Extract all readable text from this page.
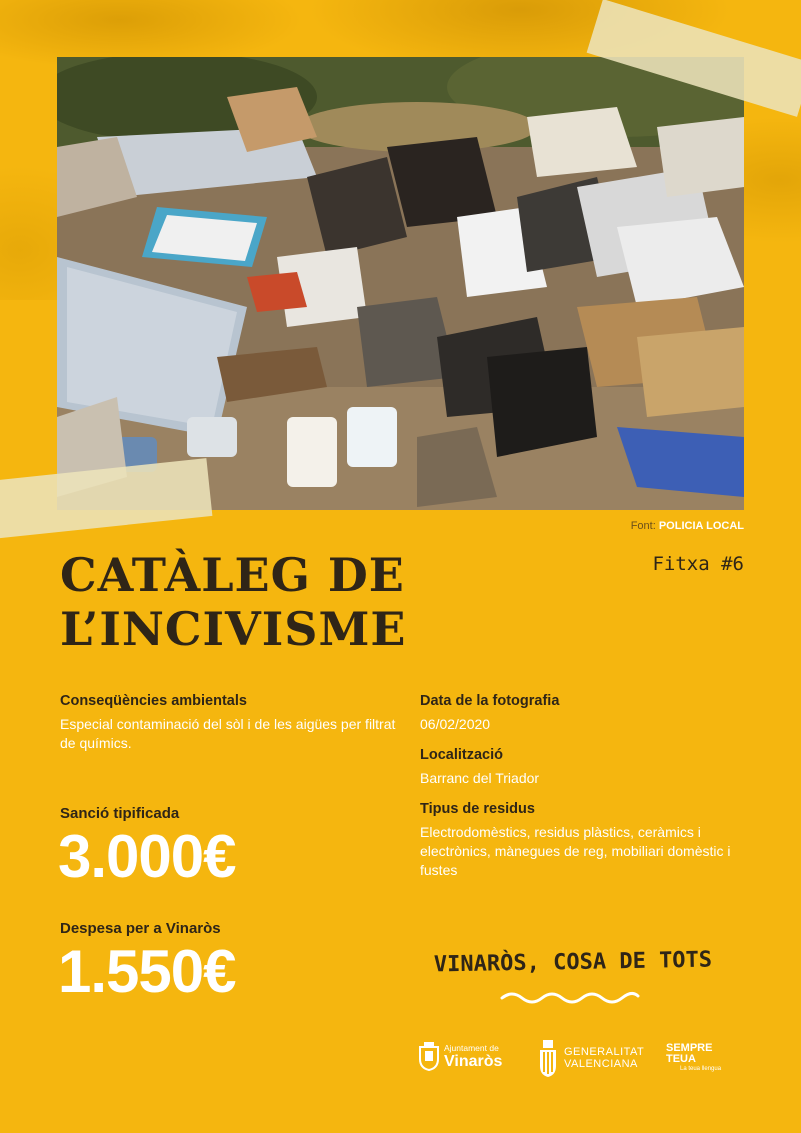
Font: POLICIA LOCAL
CATÀLEG DE
L’INCIVISME
Fitxa #6
Conseqüències ambientals
Especial contaminació del sòl i de les aigües per filtrat de químics.
Data de la fotografia
06/02/2020
Localització
Barranc del Triador
Tipus de residus
Electrodomèstics, residus plàstics, ceràmics i electrònics, mànegues de reg, mobiliari domèstic i fustes
Sanció tipificada
3.000€
Despesa per a Vinaròs
1.550€	VINARÒS, COSA DE TOTS
Ajuntament de
Vinaròs
GENERALITAT
VALENCIANA
SEMPRE
TEUA
La teua llengua
